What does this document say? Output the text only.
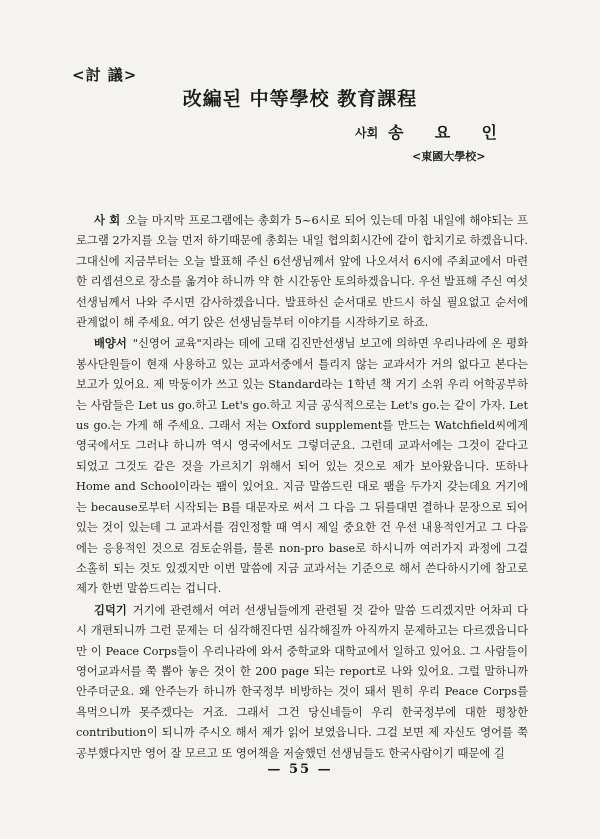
<討 議>
改編된 中等學校 教育課程
사회 송 요 인
<東國大學校>

사 회 오늘 마지막 프로그램에는 총회가 5~6시로 되어 있는데 마침 내일에 해야되는 프로그램 2가지를 오늘 먼저 하기때문에 총회는 내일 협의회시간에 같이 합치기로 하겠읍니다. 그대신에 지금부터는 오늘 발표해 주신 6선생님께서 앞에 나오셔서 6시에 주최교에서 마련한 리셉션으로 장소를 옮겨야 하니까 약 한 시간동안 토의하겠읍니다. 우선 발표해 주신 여섯 선생님께서 나와 주시면 감사하겠읍니다. 발표하신 순서대로 반드시 하실 필요없고 순서에 관계없이 해 주세요. 여기 앉은 선생님들부터 이야기를 시작하기로 하죠.

배양서 "신영어 교육"지라는 데에 고태 김진만선생님 보고에 의하면 우리나라에 온 평화봉사단원들이 현재 사용하고 있는 교과서중에서 틀리지 않는 교과서가 거의 없다고 본다는 보고가 있어요. 제 막둥이가 쓰고 있는 Standard라는 1학년 책 거기 소위 우리 어학공부하는 사람들은 Let us go.하고 Let's go.하고 지금 공식적으로는 Let's go.는 같이 가자. Let us go.는 가게 해 주세요. 그래서 저는 Oxford supplement를 만드는 Watchfield씨에게 영국에서도 그러냐 하니까 역시 영국에서도 그렇더군요. 그런데 교과서에는 그것이 같다고 되었고 그것도 같은 것을 가르치기 위해서 되어 있는 것으로 제가 보아왔읍니다. 또하나 Home and School이라는 팸이 있어요. 지금 말씀드린 대로 팸을 두가지 갖는데요 거기에는 because로부터 시작되는 B를 대문자로 써서 그 다음 그 뒤를대면 결하나 문장으로 되어 있는 것이 있는데 그 교과서를 검인정할 때 역시 제일 중요한 건 우선 내용적인거고 그 다음에는 응용적인 것으로 검토순위를, 물론 non-pro base로 하시니까 여러가지 과정에 그걸 소홀히 되는 것도 있겠지만 이번 말씀에 지금 교과서는 기준으로 해서 쓴다하시기에 참고로 제가 한번 말씀드리는 겁니다.

김덕기 거기에 관련해서 여러 선생님들에게 관련될 것 같아 말씀 드리겠지만 어차피 다시 개편되니까 그런 문제는 더 심각해진다면 심각해질까 아직까지 문제하고는 다르겠읍니다만 이 Peace Corps들이 우리나라에 와서 중학교와 대학교에서 일하고 있어요. 그 사람들이 영어교과서를 쭉 뽑아 놓은 것이 한 200 page 되는 report로 나와 있어요. 그럴 말하니까 안주더군요. 왜 안주는가 하니까 한국정부 비방하는 것이 돼서 뭔히 우리 Peace Corps를 욕먹으니까 못주겠다는 거죠. 그래서 그건 당신네들이 우리 한국정부에 대한 평창한 contribution이 되니까 주시오 해서 제가 읽어 보였읍니다. 그걸 보면 제 자신도 영어를 쭉 공부했다지만 영어 잘 모르고 또 영어책을 저술했던 선생님들도 한국사람이기 때문에 길

— 55 —
